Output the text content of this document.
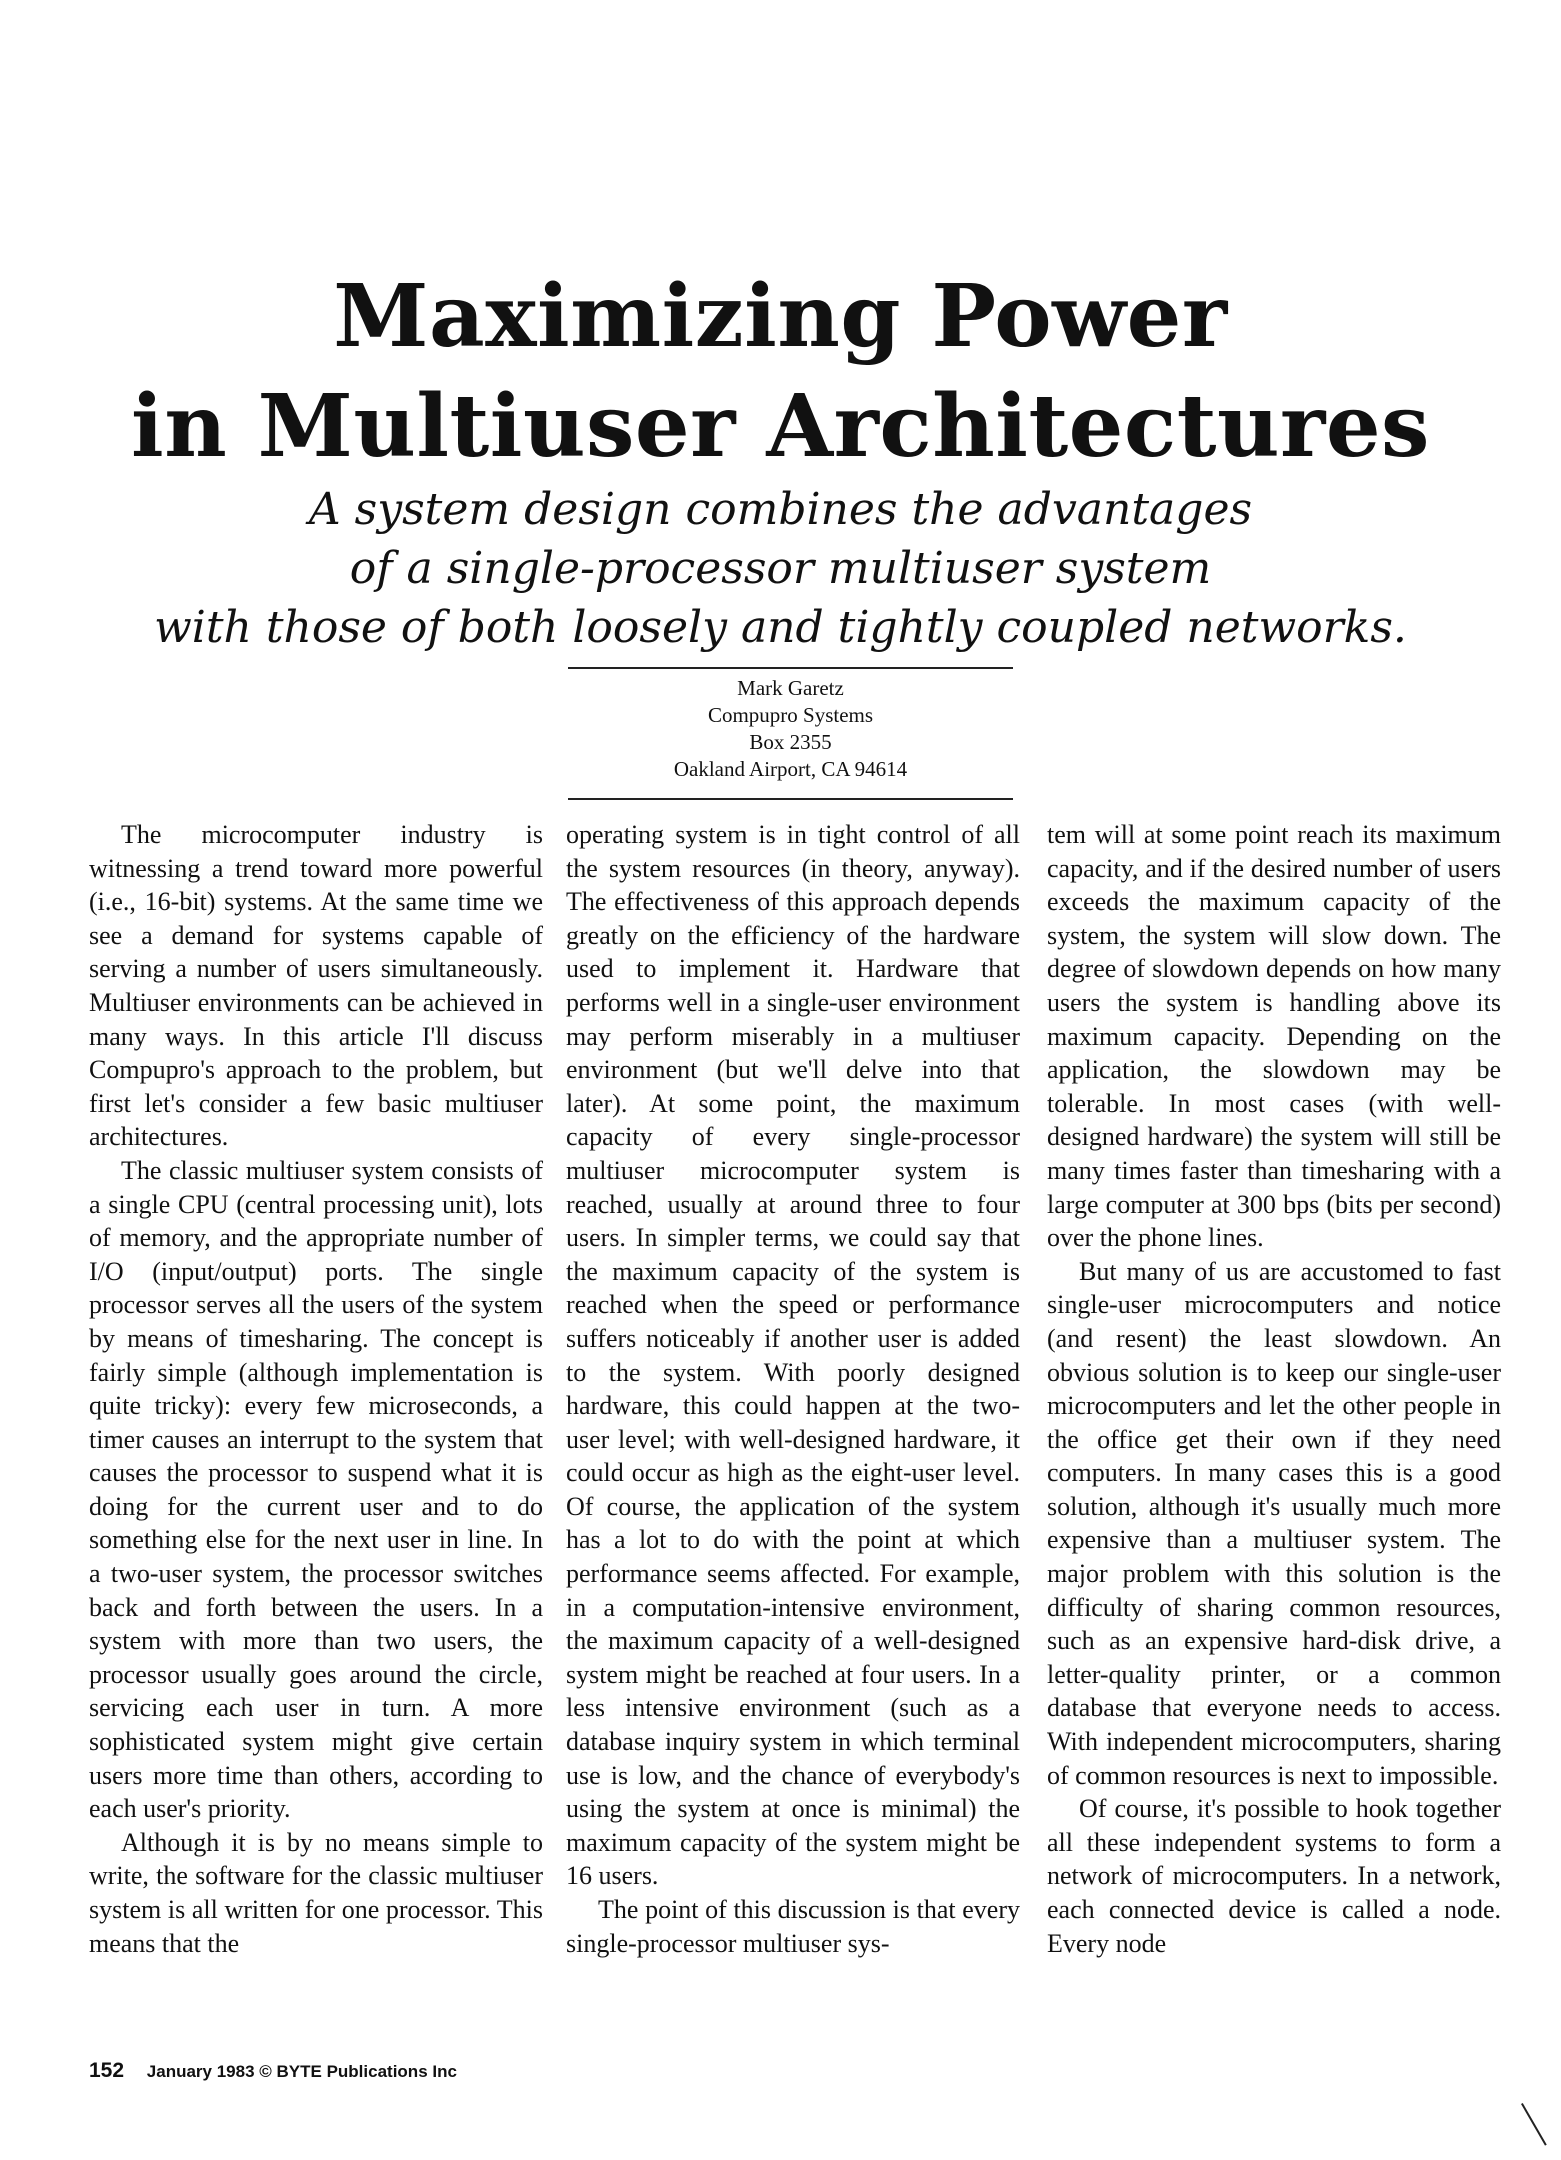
Maximizing Power
in Multiuser Architectures
A system design combines the advantages
of a single-processor multiuser system
with those of both loosely and tightly coupled networks.
Mark Garetz
Compupro Systems
Box 2355
Oakland Airport, CA 94614

The microcomputer industry is witnessing a trend toward more powerful (i.e., 16-bit) systems. At the same time we see a demand for systems capable of serving a number of users simultaneously. Multiuser environments can be achieved in many ways. In this article I'll discuss Compupro's approach to the problem, but first let's consider a few basic multiuser architectures.

The classic multiuser system consists of a single CPU (central processing unit), lots of memory, and the appropriate number of I/O (input/output) ports. The single processor serves all the users of the system by means of timesharing. The concept is fairly simple (although implementation is quite tricky): every few microseconds, a timer causes an interrupt to the system that causes the processor to suspend what it is doing for the current user and to do something else for the next user in line. In a two-user system, the processor switches back and forth between the users. In a system with more than two users, the processor usually goes around the circle, servicing each user in turn. A more sophisticated system might give certain users more time than others, according to each user's priority.

Although it is by no means simple to write, the software for the classic multiuser system is all written for one processor. This means that the

operating system is in tight control of all the system resources (in theory, anyway). The effectiveness of this approach depends greatly on the efficiency of the hardware used to implement it. Hardware that performs well in a single-user environment may perform miserably in a multiuser environment (but we'll delve into that later). At some point, the maximum capacity of every single-processor multiuser microcomputer system is reached, usually at around three to four users. In simpler terms, we could say that the maximum capacity of the system is reached when the speed or performance suffers noticeably if another user is added to the system. With poorly designed hardware, this could happen at the two-user level; with well-designed hardware, it could occur as high as the eight-user level. Of course, the application of the system has a lot to do with the point at which performance seems affected. For example, in a computation-intensive environment, the maximum capacity of a well-designed system might be reached at four users. In a less intensive environment (such as a database inquiry system in which terminal use is low, and the chance of everybody's using the system at once is minimal) the maximum capacity of the system might be 16 users.

The point of this discussion is that every single-processor multiuser sys-

tem will at some point reach its maximum capacity, and if the desired number of users exceeds the maximum capacity of the system, the system will slow down. The degree of slowdown depends on how many users the system is handling above its maximum capacity. Depending on the application, the slowdown may be tolerable. In most cases (with well-designed hardware) the system will still be many times faster than timesharing with a large computer at 300 bps (bits per second) over the phone lines.

But many of us are accustomed to fast single-user microcomputers and notice (and resent) the least slowdown. An obvious solution is to keep our single-user microcomputers and let the other people in the office get their own if they need computers. In many cases this is a good solution, although it's usually much more expensive than a multiuser system. The major problem with this solution is the difficulty of sharing common resources, such as an expensive hard-disk drive, a letter-quality printer, or a common database that everyone needs to access. With independent microcomputers, sharing of common resources is next to impossible.

Of course, it's possible to hook together all these independent systems to form a network of microcomputers. In a network, each connected device is called a node. Every node

152 January 1983 © BYTE Publications Inc
